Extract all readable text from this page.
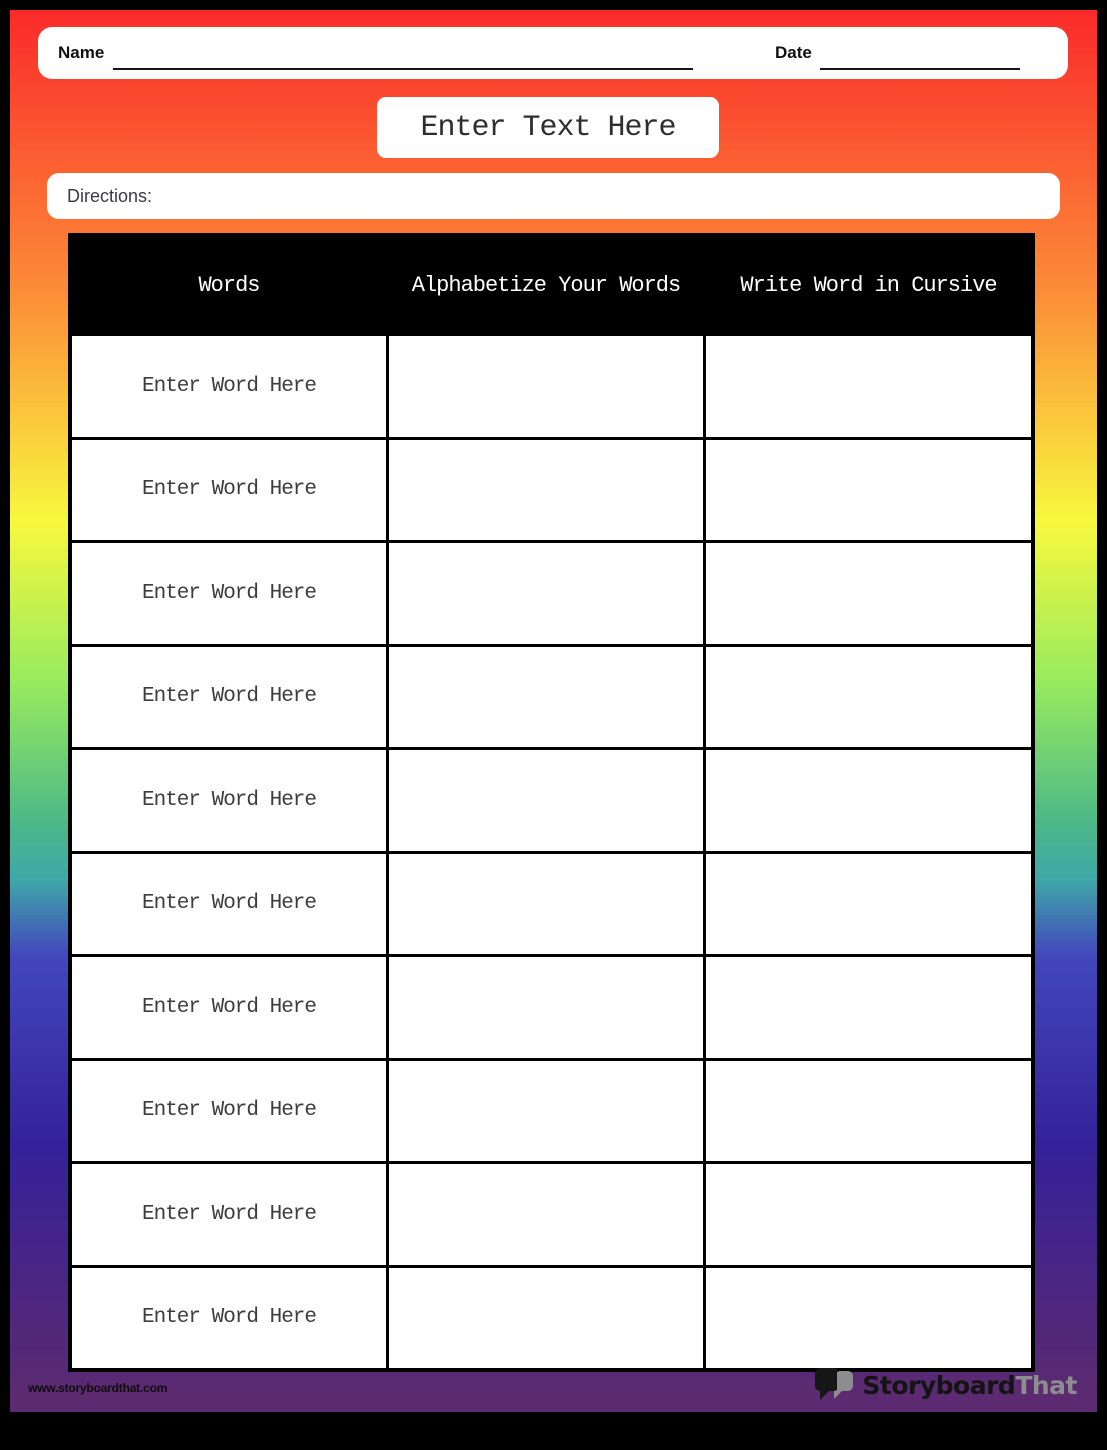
Name	Date
Enter Text Here
Directions:
Words	Alphabetize Your Words	Write Word in Cursive
Enter Word Here
Enter Word Here
Enter Word Here
Enter Word Here
Enter Word Here
Enter Word Here
Enter Word Here
Enter Word Here
Enter Word Here
Enter Word Here
www.storyboardthat.com	StoryboardThat
